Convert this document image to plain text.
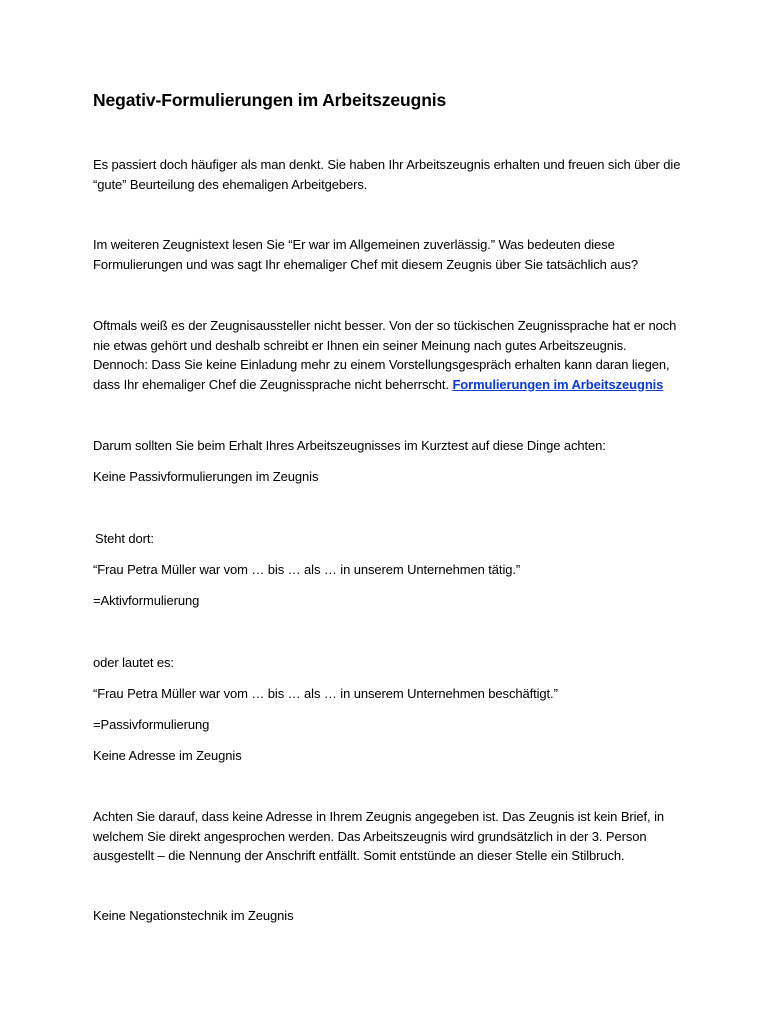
Negativ-Formulierungen im Arbeitszeugnis

Es passiert doch häufiger als man denkt. Sie haben Ihr Arbeitszeugnis erhalten und freuen sich über die “gute” Beurteilung des ehemaligen Arbeitgebers.

Im weiteren Zeugnistext lesen Sie “Er war im Allgemeinen zuverlässig.” Was bedeuten diese Formulierungen und was sagt Ihr ehemaliger Chef mit diesem Zeugnis über Sie tatsächlich aus?

Oftmals weiß es der Zeugnisaussteller nicht besser. Von der so tückischen Zeugnissprache hat er noch nie etwas gehört und deshalb schreibt er Ihnen ein seiner Meinung nach gutes Arbeitszeugnis. Dennoch: Dass Sie keine Einladung mehr zu einem Vorstellungsgespräch erhalten kann daran liegen, dass Ihr ehemaliger Chef die Zeugnissprache nicht beherrscht. Formulierungen im Arbeitszeugnis

Darum sollten Sie beim Erhalt Ihres Arbeitszeugnisses im Kurztest auf diese Dinge achten:

Keine Passivformulierungen im Zeugnis

Steht dort:

“Frau Petra Müller war vom … bis … als … in unserem Unternehmen tätig.”

=Aktivformulierung

oder lautet es:

“Frau Petra Müller war vom … bis … als … in unserem Unternehmen beschäftigt.”

=Passivformulierung

Keine Adresse im Zeugnis

Achten Sie darauf, dass keine Adresse in Ihrem Zeugnis angegeben ist. Das Zeugnis ist kein Brief, in welchem Sie direkt angesprochen werden. Das Arbeitszeugnis wird grundsätzlich in der 3. Person ausgestellt – die Nennung der Anschrift entfällt. Somit entstünde an dieser Stelle ein Stilbruch.

Keine Negationstechnik im Zeugnis
